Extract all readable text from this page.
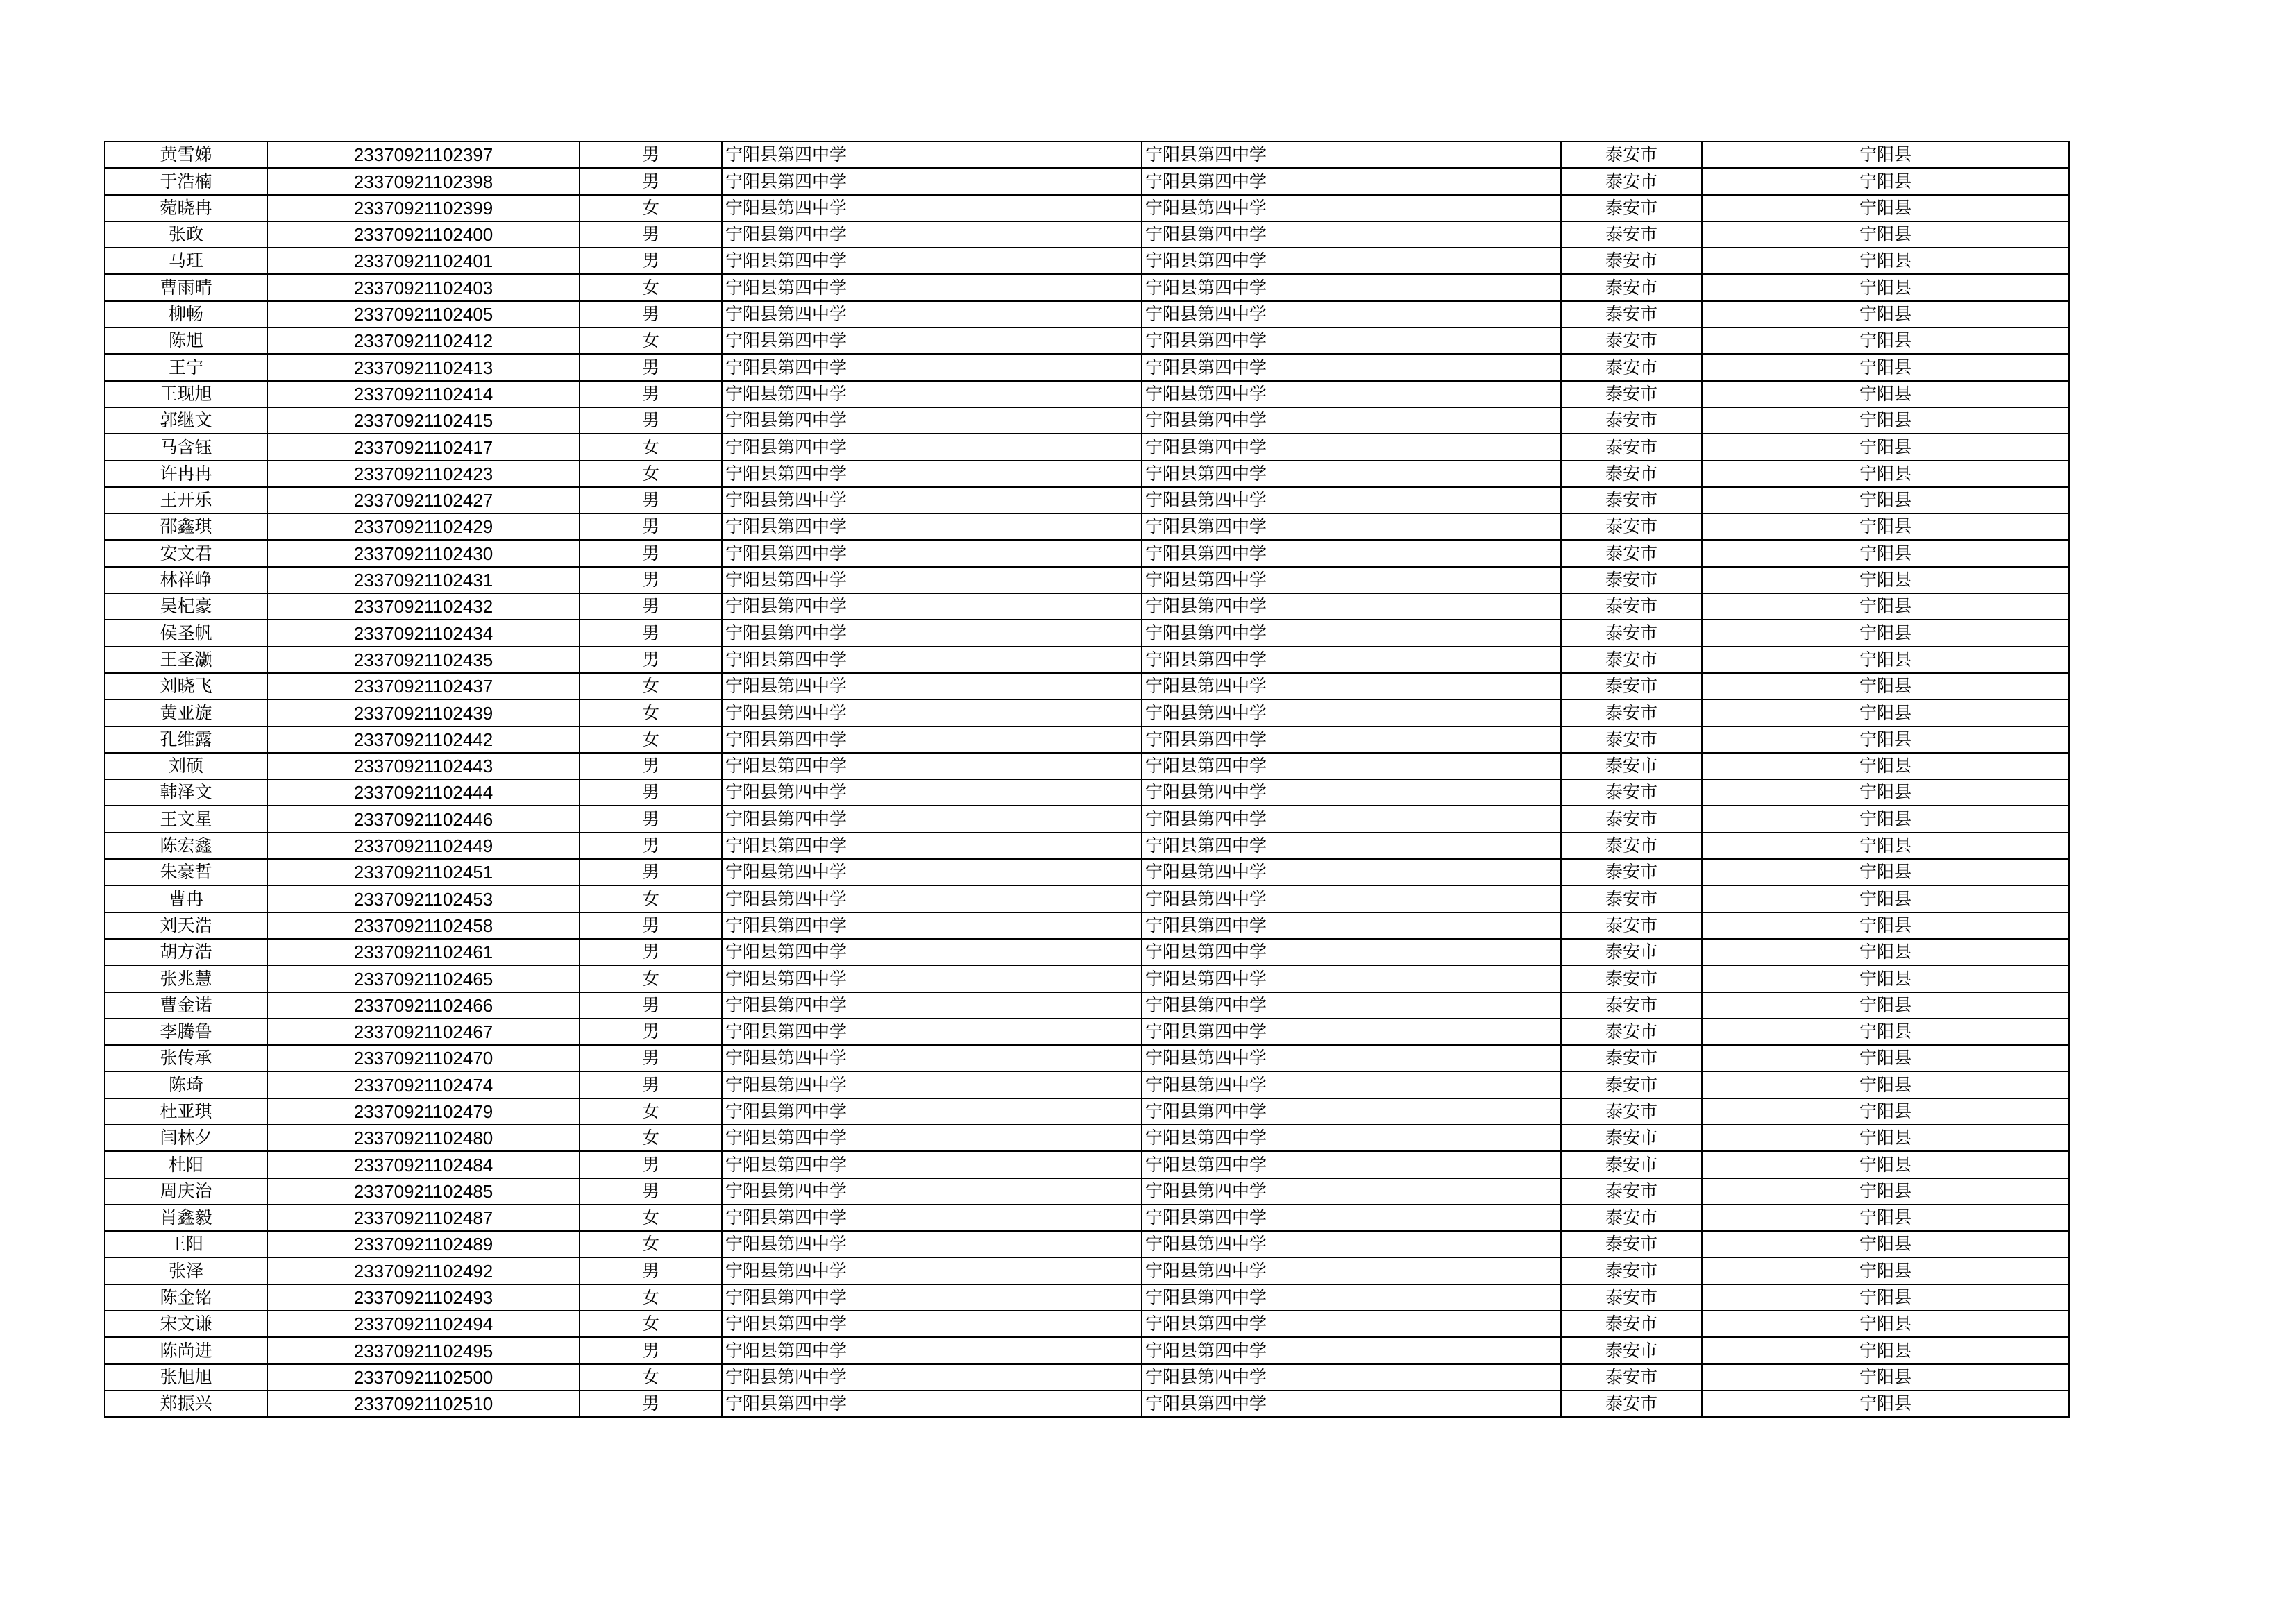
黄雪娣	23370921102397	男	宁阳县第四中学	宁阳县第四中学	泰安市	宁阳县
于浩楠	23370921102398	男	宁阳县第四中学	宁阳县第四中学	泰安市	宁阳县
菀晓冉	23370921102399	女	宁阳县第四中学	宁阳县第四中学	泰安市	宁阳县
张政	23370921102400	男	宁阳县第四中学	宁阳县第四中学	泰安市	宁阳县
马玨	23370921102401	男	宁阳县第四中学	宁阳县第四中学	泰安市	宁阳县
曹雨晴	23370921102403	女	宁阳县第四中学	宁阳县第四中学	泰安市	宁阳县
柳畅	23370921102405	男	宁阳县第四中学	宁阳县第四中学	泰安市	宁阳县
陈旭	23370921102412	女	宁阳县第四中学	宁阳县第四中学	泰安市	宁阳县
王宁	23370921102413	男	宁阳县第四中学	宁阳县第四中学	泰安市	宁阳县
王现旭	23370921102414	男	宁阳县第四中学	宁阳县第四中学	泰安市	宁阳县
郭继文	23370921102415	男	宁阳县第四中学	宁阳县第四中学	泰安市	宁阳县
马含钰	23370921102417	女	宁阳县第四中学	宁阳县第四中学	泰安市	宁阳县
许冉冉	23370921102423	女	宁阳县第四中学	宁阳县第四中学	泰安市	宁阳县
王开乐	23370921102427	男	宁阳县第四中学	宁阳县第四中学	泰安市	宁阳县
邵鑫琪	23370921102429	男	宁阳县第四中学	宁阳县第四中学	泰安市	宁阳县
安文君	23370921102430	男	宁阳县第四中学	宁阳县第四中学	泰安市	宁阳县
林祥峥	23370921102431	男	宁阳县第四中学	宁阳县第四中学	泰安市	宁阳县
吴杞豪	23370921102432	男	宁阳县第四中学	宁阳县第四中学	泰安市	宁阳县
侯圣帆	23370921102434	男	宁阳县第四中学	宁阳县第四中学	泰安市	宁阳县
王圣灏	23370921102435	男	宁阳县第四中学	宁阳县第四中学	泰安市	宁阳县
刘晓飞	23370921102437	女	宁阳县第四中学	宁阳县第四中学	泰安市	宁阳县
黄亚旋	23370921102439	女	宁阳县第四中学	宁阳县第四中学	泰安市	宁阳县
孔维露	23370921102442	女	宁阳县第四中学	宁阳县第四中学	泰安市	宁阳县
刘硕	23370921102443	男	宁阳县第四中学	宁阳县第四中学	泰安市	宁阳县
韩泽文	23370921102444	男	宁阳县第四中学	宁阳县第四中学	泰安市	宁阳县
王文星	23370921102446	男	宁阳县第四中学	宁阳县第四中学	泰安市	宁阳县
陈宏鑫	23370921102449	男	宁阳县第四中学	宁阳县第四中学	泰安市	宁阳县
朱豪哲	23370921102451	男	宁阳县第四中学	宁阳县第四中学	泰安市	宁阳县
曹冉	23370921102453	女	宁阳县第四中学	宁阳县第四中学	泰安市	宁阳县
刘天浩	23370921102458	男	宁阳县第四中学	宁阳县第四中学	泰安市	宁阳县
胡方浩	23370921102461	男	宁阳县第四中学	宁阳县第四中学	泰安市	宁阳县
张兆慧	23370921102465	女	宁阳县第四中学	宁阳县第四中学	泰安市	宁阳县
曹金诺	23370921102466	男	宁阳县第四中学	宁阳县第四中学	泰安市	宁阳县
李腾鲁	23370921102467	男	宁阳县第四中学	宁阳县第四中学	泰安市	宁阳县
张传承	23370921102470	男	宁阳县第四中学	宁阳县第四中学	泰安市	宁阳县
陈琦	23370921102474	男	宁阳县第四中学	宁阳县第四中学	泰安市	宁阳县
杜亚琪	23370921102479	女	宁阳县第四中学	宁阳县第四中学	泰安市	宁阳县
闫林夕	23370921102480	女	宁阳县第四中学	宁阳县第四中学	泰安市	宁阳县
杜阳	23370921102484	男	宁阳县第四中学	宁阳县第四中学	泰安市	宁阳县
周庆治	23370921102485	男	宁阳县第四中学	宁阳县第四中学	泰安市	宁阳县
肖鑫毅	23370921102487	女	宁阳县第四中学	宁阳县第四中学	泰安市	宁阳县
王阳	23370921102489	女	宁阳县第四中学	宁阳县第四中学	泰安市	宁阳县
张泽	23370921102492	男	宁阳县第四中学	宁阳县第四中学	泰安市	宁阳县
陈金铭	23370921102493	女	宁阳县第四中学	宁阳县第四中学	泰安市	宁阳县
宋文谦	23370921102494	女	宁阳县第四中学	宁阳县第四中学	泰安市	宁阳县
陈尚进	23370921102495	男	宁阳县第四中学	宁阳县第四中学	泰安市	宁阳县
张旭旭	23370921102500	女	宁阳县第四中学	宁阳县第四中学	泰安市	宁阳县
郑振兴	23370921102510	男	宁阳县第四中学	宁阳县第四中学	泰安市	宁阳县
